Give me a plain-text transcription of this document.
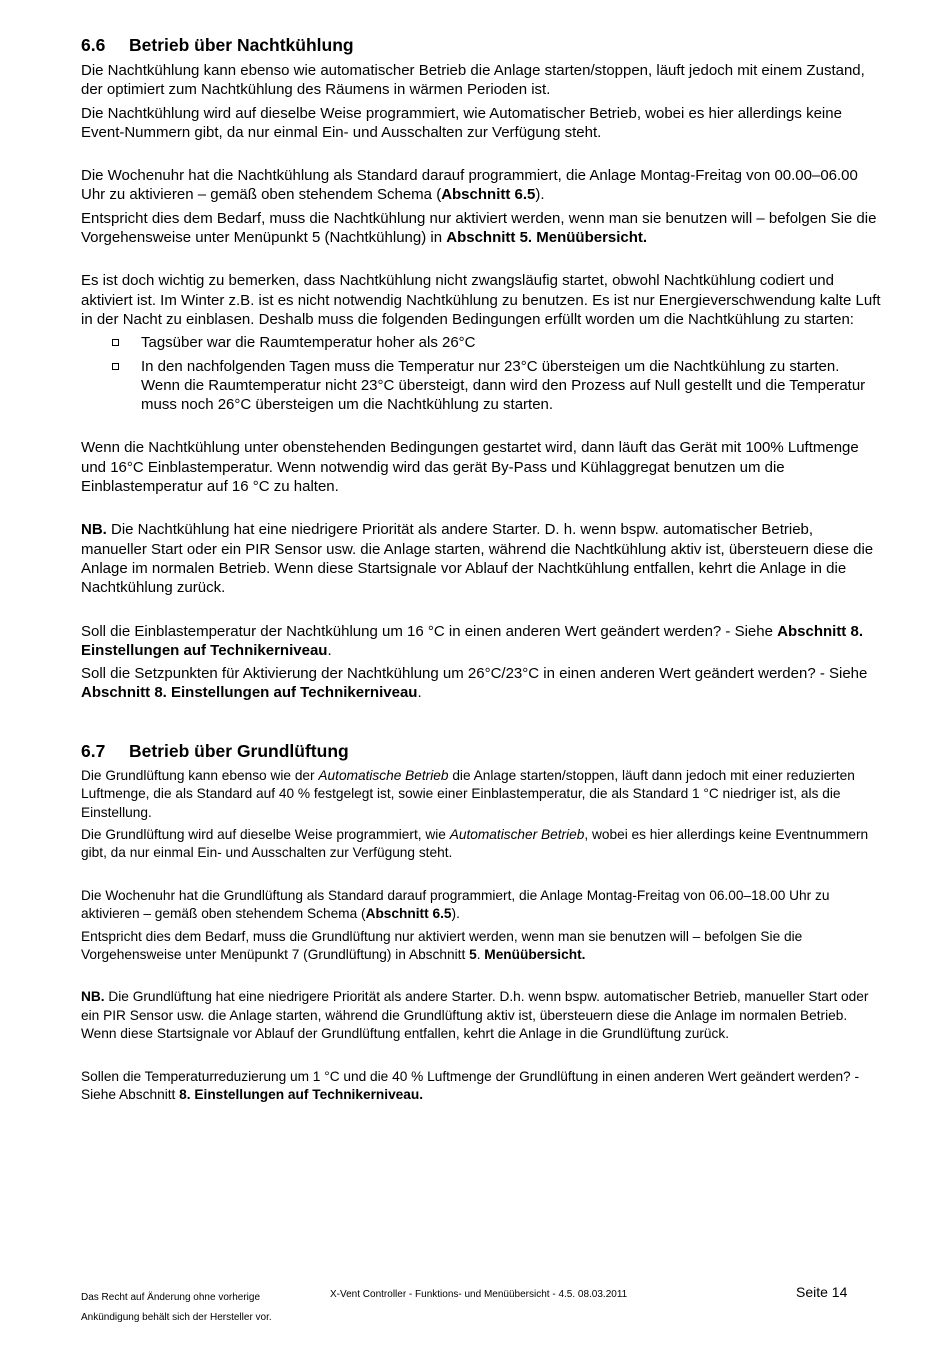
6.6 Betrieb über Nachtkühlung

Die Nachtkühlung kann ebenso wie automatischer Betrieb die Anlage starten/stoppen, läuft jedoch mit einem Zustand, der optimiert zum Nachtkühlung des Räumens in wärmen Perioden ist.

Die Nachtkühlung wird auf dieselbe Weise programmiert, wie Automatischer Betrieb, wobei es hier allerdings keine Event-Nummern gibt, da nur einmal Ein- und Ausschalten zur Verfügung steht.

Die Wochenuhr hat die Nachtkühlung als Standard darauf programmiert, die Anlage Montag-Freitag von 00.00–06.00 Uhr zu aktivieren – gemäß oben stehendem Schema (Abschnitt 6.5).

Entspricht dies dem Bedarf, muss die Nachtkühlung nur aktiviert werden, wenn man sie benutzen will – befolgen Sie die Vorgehensweise unter Menüpunkt 5 (Nachtkühlung) in Abschnitt 5. Menüübersicht.

Es ist doch wichtig zu bemerken, dass Nachtkühlung nicht zwangsläufig startet, obwohl Nachtkühlung codiert und aktiviert ist. Im Winter z.B. ist es nicht notwendig Nachtkühlung zu benutzen. Es ist nur Energieverschwendung kalte Luft in der Nacht zu einblasen. Deshalb muss die folgenden Bedingungen erfüllt worden um die Nachtkühlung zu starten:

Tagsüber war die Raumtemperatur hoher als 26°C
In den nachfolgenden Tagen muss die Temperatur nur 23°C übersteigen um die Nachtkühlung zu starten. Wenn die Raumtemperatur nicht 23°C übersteigt, dann wird den Prozess auf Null gestellt und die Temperatur muss noch 26°C übersteigen um die Nachtkühlung zu starten.

Wenn die Nachtkühlung unter obenstehenden Bedingungen gestartet wird, dann läuft das Gerät mit 100% Luftmenge und 16°C Einblastemperatur. Wenn notwendig wird das gerät By-Pass und Kühlaggregat benutzen um die Einblastemperatur auf 16 °C zu halten.

NB. Die Nachtkühlung hat eine niedrigere Priorität als andere Starter. D. h. wenn bspw. automatischer Betrieb, manueller Start oder ein PIR Sensor usw. die Anlage starten, während die Nachtkühlung aktiv ist, übersteuern diese die Anlage im normalen Betrieb. Wenn diese Startsignale vor Ablauf der Nachtkühlung entfallen, kehrt die Anlage in die Nachtkühlung zurück.

Soll die Einblastemperatur der Nachtkühlung um 16 °C in einen anderen Wert geändert werden? - Siehe Abschnitt 8. Einstellungen auf Technikerniveau.

Soll die Setzpunkten für Aktivierung der Nachtkühlung um 26°C/23°C in einen anderen Wert geändert werden? - Siehe Abschnitt 8. Einstellungen auf Technikerniveau.

6.7 Betrieb über Grundlüftung

Die Grundlüftung kann ebenso wie der Automatische Betrieb die Anlage starten/stoppen, läuft dann jedoch mit einer reduzierten Luftmenge, die als Standard auf 40 % festgelegt ist, sowie einer Einblastemperatur, die als Standard 1 °C niedriger ist, als die Einstellung.

Die Grundlüftung wird auf dieselbe Weise programmiert, wie Automatischer Betrieb, wobei es hier allerdings keine Eventnummern gibt, da nur einmal Ein- und Ausschalten zur Verfügung steht.

Die Wochenuhr hat die Grundlüftung als Standard darauf programmiert, die Anlage Montag-Freitag von 06.00–18.00 Uhr zu aktivieren – gemäß oben stehendem Schema (Abschnitt 6.5).

Entspricht dies dem Bedarf, muss die Grundlüftung nur aktiviert werden, wenn man sie benutzen will – befolgen Sie die Vorgehensweise unter Menüpunkt 7 (Grundlüftung) in Abschnitt 5. Menüübersicht.

NB. Die Grundlüftung hat eine niedrigere Priorität als andere Starter. D.h. wenn bspw. automatischer Betrieb, manueller Start oder ein PIR Sensor usw. die Anlage starten, während die Grundlüftung aktiv ist, übersteuern diese die Anlage im normalen Betrieb. Wenn diese Startsignale vor Ablauf der Grundlüftung entfallen, kehrt die Anlage in die Grundlüftung zurück.

Sollen die Temperaturreduzierung um 1 °C und die 40 % Luftmenge der Grundlüftung in einen anderen Wert geändert werden? - Siehe Abschnitt 8. Einstellungen auf Technikerniveau.

Das Recht auf Änderung ohne vorherige Ankündigung behält sich der Hersteller vor.
X-Vent Controller - Funktions- und Menüübersicht - 4.5. 08.03.2011	Seite 14
